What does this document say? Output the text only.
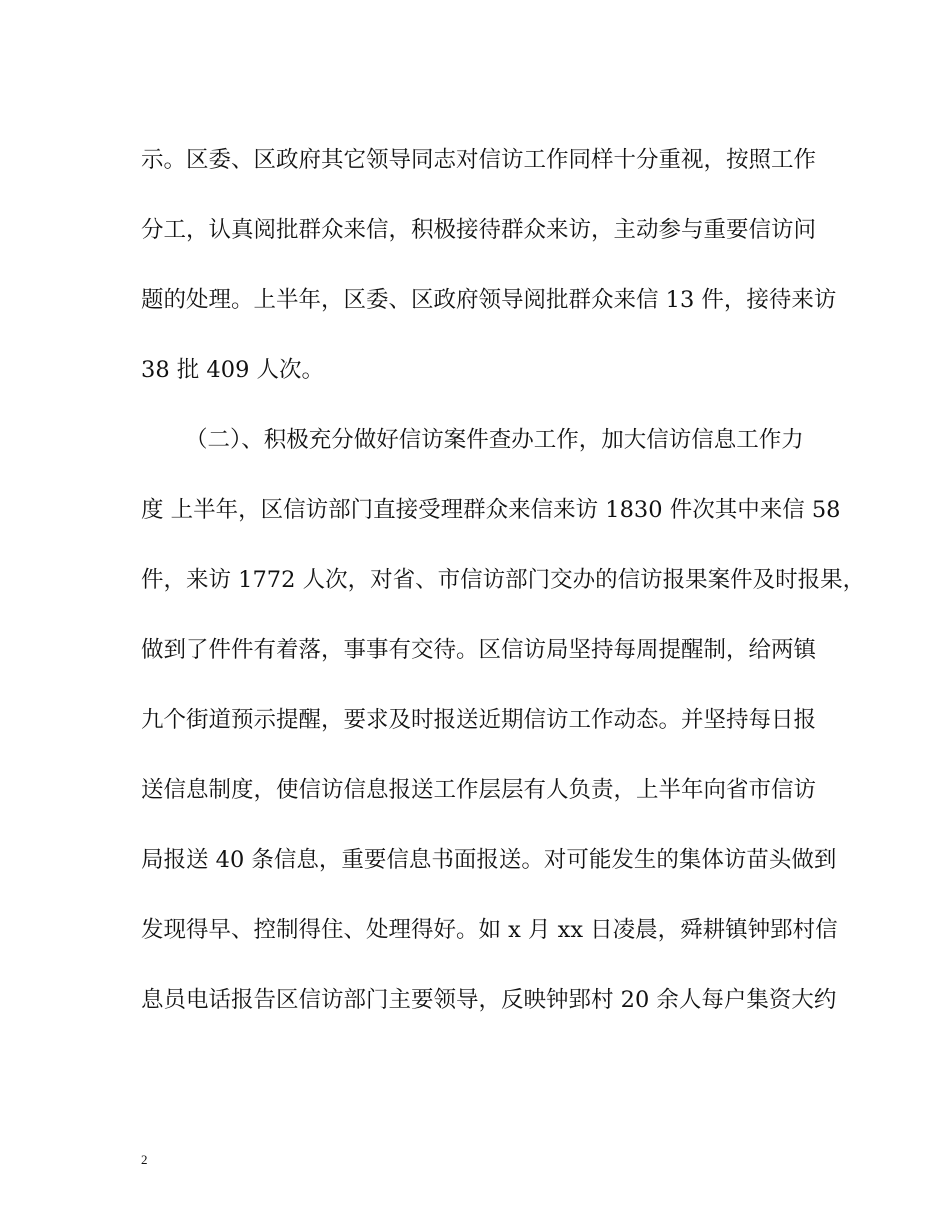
示。区委、区政府其它领导同志对信访工作同样十分重视，按照工作
分工，认真阅批群众来信，积极接待群众来访，主动参与重要信访问
题的处理。上半年，区委、区政府领导阅批群众来信 13 件，接待来访
38 批 409 人次。
（二）、积极充分做好信访案件查办工作，加大信访信息工作力
度 上半年，区信访部门直接受理群众来信来访 1830 件次其中来信 58
件，来访 1772 人次，对省、市信访部门交办的信访报果案件及时报果，
做到了件件有着落，事事有交待。区信访局坚持每周提醒制，给两镇
九个街道预示提醒，要求及时报送近期信访工作动态。并坚持每日报
送信息制度，使信访信息报送工作层层有人负责，上半年向省市信访
局报送 40 条信息，重要信息书面报送。对可能发生的集体访苗头做到
发现得早、控制得住、处理得好。如 x 月 xx 日凌晨，舜耕镇钟郢村信
息员电话报告区信访部门主要领导，反映钟郢村 20 余人每户集资大约
2
